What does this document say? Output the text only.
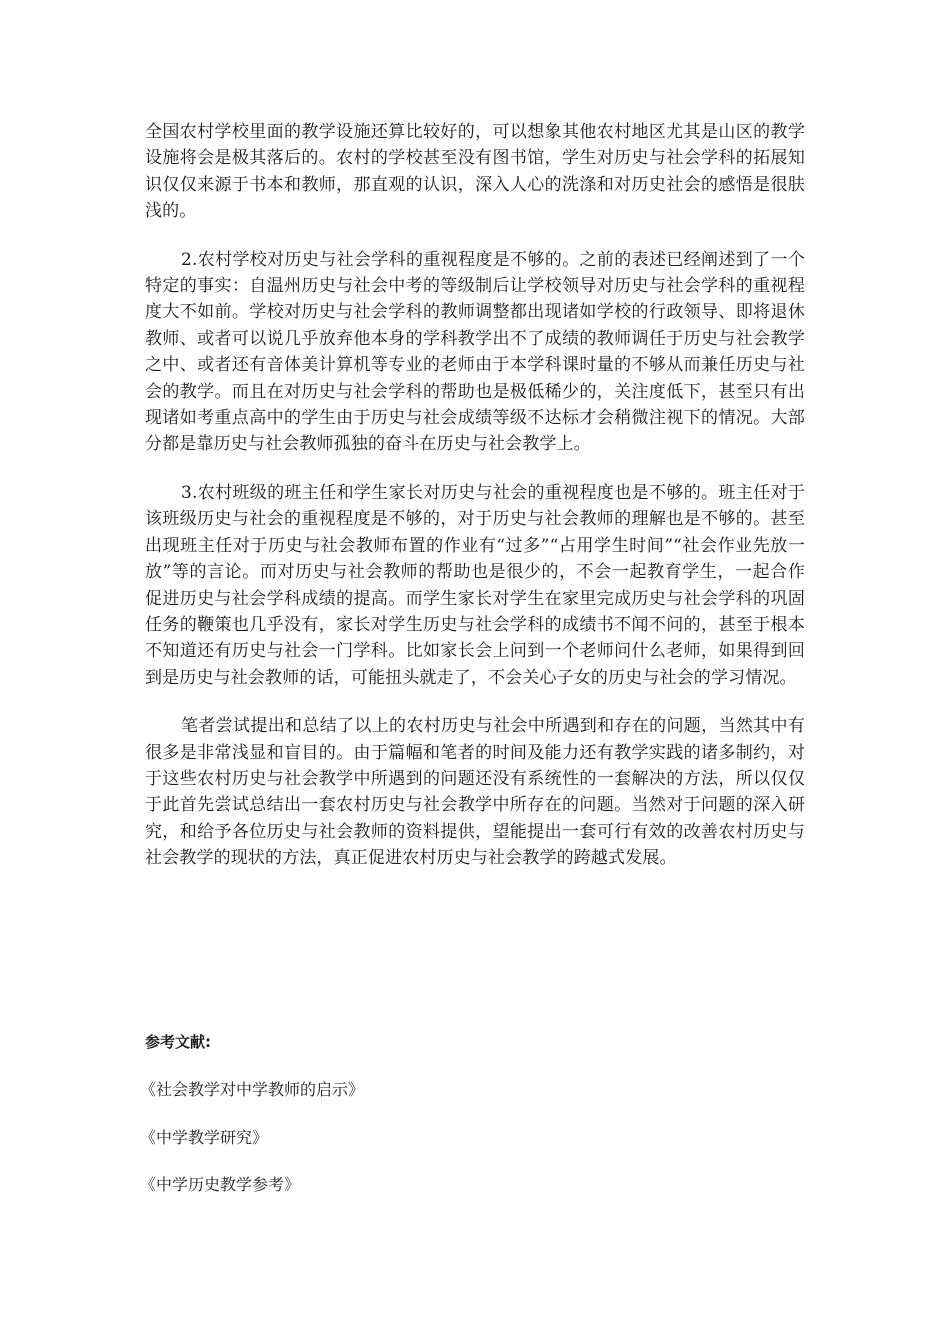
全国农村学校里面的教学设施还算比较好的，可以想象其他农村地区尤其是山区的教学设施将会是极其落后的。农村的学校甚至没有图书馆，学生对历史与社会学科的拓展知识仅仅来源于书本和教师，那直观的认识，深入人心的洗涤和对历史社会的感悟是很肤浅的。

2.农村学校对历史与社会学科的重视程度是不够的。之前的表述已经阐述到了一个特定的事实：自温州历史与社会中考的等级制后让学校领导对历史与社会学科的重视程度大不如前。学校对历史与社会学科的教师调整都出现诸如学校的行政领导、即将退休教师、或者可以说几乎放弃他本身的学科教学出不了成绩的教师调任于历史与社会教学之中、或者还有音体美计算机等专业的老师由于本学科课时量的不够从而兼任历史与社会的教学。而且在对历史与社会学科的帮助也是极低稀少的，关注度低下，甚至只有出现诸如考重点高中的学生由于历史与社会成绩等级不达标才会稍微注视下的情况。大部分都是靠历史与社会教师孤独的奋斗在历史与社会教学上。

3.农村班级的班主任和学生家长对历史与社会的重视程度也是不够的。班主任对于该班级历史与社会的重视程度是不够的，对于历史与社会教师的理解也是不够的。甚至出现班主任对于历史与社会教师布置的作业有“过多”“占用学生时间”“社会作业先放一放”等的言论。而对历史与社会教师的帮助也是很少的，不会一起教育学生，一起合作促进历史与社会学科成绩的提高。而学生家长对学生在家里完成历史与社会学科的巩固任务的鞭策也几乎没有，家长对学生历史与社会学科的成绩书不闻不问的，甚至于根本不知道还有历史与社会一门学科。比如家长会上问到一个老师问什么老师，如果得到回到是历史与社会教师的话，可能扭头就走了，不会关心子女的历史与社会的学习情况。

笔者尝试提出和总结了以上的农村历史与社会中所遇到和存在的问题，当然其中有很多是非常浅显和盲目的。由于篇幅和笔者的时间及能力还有教学实践的诸多制约，对于这些农村历史与社会教学中所遇到的问题还没有系统性的一套解决的方法，所以仅仅于此首先尝试总结出一套农村历史与社会教学中所存在的问题。当然对于问题的深入研究，和给予各位历史与社会教师的资料提供，望能提出一套可行有效的改善农村历史与社会教学的现状的方法，真正促进农村历史与社会教学的跨越式发展。

参考文献:

《社会教学对中学教师的启示》

《中学教学研究》

《中学历史教学参考》
